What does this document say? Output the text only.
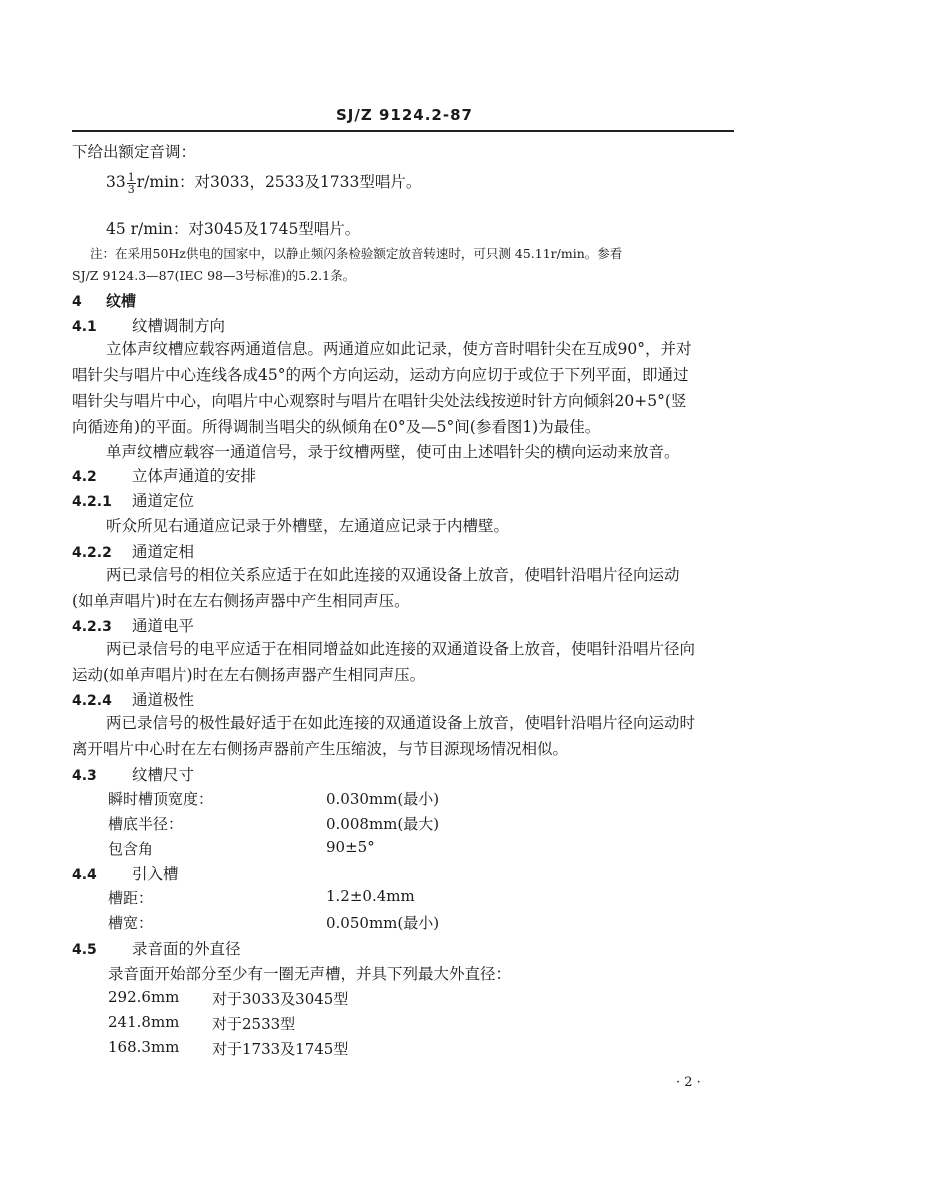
SJ/Z 9124.2-87
下给出额定音调：
$33 \frac{1}{3} r/\min$：对3033，2533及1733型唱片。
45 r/min：对3045及1745型唱片。
注：在采用50Hz供电的国家中，以静止频闪条检验额定放音转速时，可只测 45.11r/min。参看
SJ/Z 9124.3—87(IEC 98—3号标准)的5.2.1条。
4 纹槽
4.1 纹槽调制方向
立体声纹槽应载容两通道信息。两通道应如此记录，使方音时唱针尖在互成90°，并对
唱针尖与唱片中心连线各成45°的两个方向运动，运动方向应切于或位于下列平面，即通过
唱针尖与唱片中心，向唱片中心观察时与唱片在唱针尖处法线按逆时针方向倾斜20+5°(竖
向循迹角)的平面。所得调制当唱尖的纵倾角在0°及—5°间(参看图1)为最佳。
单声纹槽应载容一通道信号，录于纹槽两壁，使可由上述唱针尖的横向运动来放音。
4.2 立体声通道的安排
4.2.1 通道定位
听众所见右通道应记录于外槽壁，左通道应记录于内槽壁。
4.2.2 通道定相
两已录信号的相位关系应适于在如此连接的双通设备上放音，使唱针沿唱片径向运动
(如单声唱片)时在左右侧扬声器中产生相同声压。
4.2.3 通道电平
两已录信号的电平应适于在相同增益如此连接的双通道设备上放音，使唱针沿唱片径向
运动(如单声唱片)时在左右侧扬声器产生相同声压。
4.2.4 通道极性
两已录信号的极性最好适于在如此连接的双通道设备上放音，使唱针沿唱片径向运动时
离开唱片中心时在左右侧扬声器前产生压缩波，与节目源现场情况相似。
4.3 纹槽尺寸
瞬时槽顶宽度：	0.030mm(最小)
槽底半径：	0.008mm(最大)
包含角	90±5°
4.4 引入槽
槽距：	1.2±0.4mm
槽宽：	0.050mm(最小)
4.5 录音面的外直径
录音面开始部分至少有一圈无声槽，并具下列最大外直径：
292.6mm 对于3033及3045型
241.8mm 对于2533型
168.3mm 对于1733及1745型
· 2 ·
